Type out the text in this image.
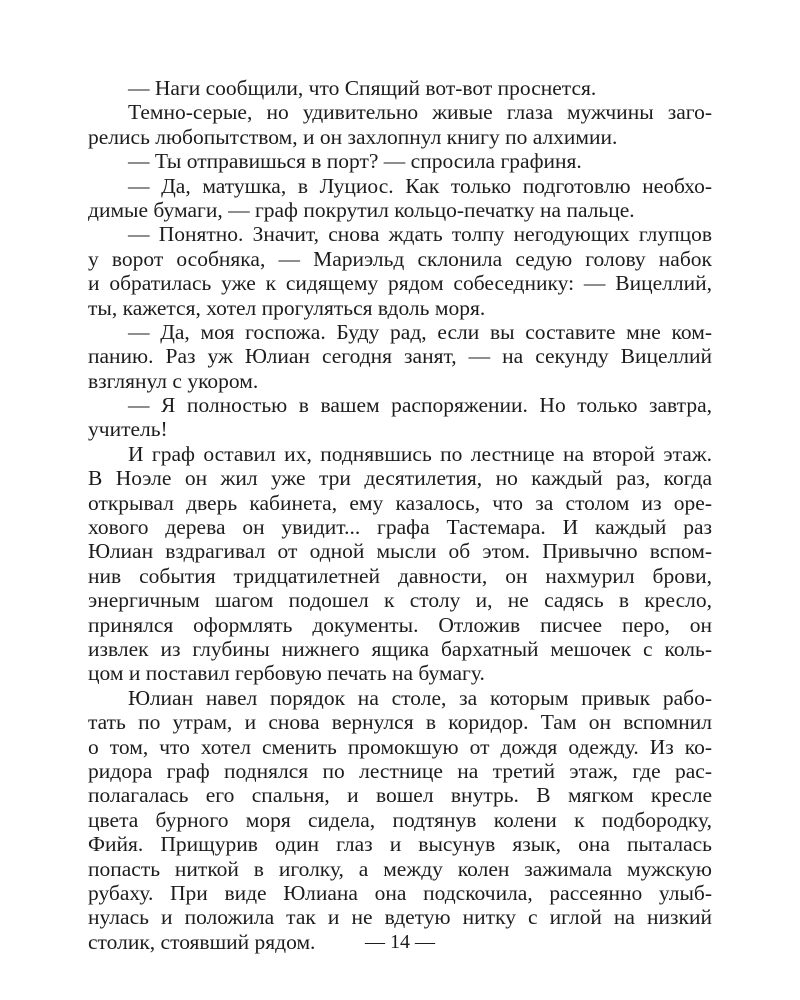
— Наги сообщили, что Спящий вот-вот проснется.
Темно-серые, но удивительно живые глаза мужчины заго-
релись любопытством, и он захлопнул книгу по алхимии.
— Ты отправишься в порт? — спросила графиня.
— Да, матушка, в Луциос. Как только подготовлю необхо-
димые бумаги, — граф покрутил кольцо-печатку на пальце.
— Понятно. Значит, снова ждать толпу негодующих глупцов
у ворот особняка, — Мариэльд склонила седую голову набок
и обратилась уже к сидящему рядом собеседнику: — Вицеллий,
ты, кажется, хотел прогуляться вдоль моря.
— Да, моя госпожа. Буду рад, если вы составите мне ком-
панию. Раз уж Юлиан сегодня занят, — на секунду Вицеллий
взглянул с укором.
— Я полностью в вашем распоряжении. Но только завтра,
учитель!
И граф оставил их, поднявшись по лестнице на второй этаж.
В Ноэле он жил уже три десятилетия, но каждый раз, когда
открывал дверь кабинета, ему казалось, что за столом из оре-
хового дерева он увидит... графа Тастемара. И каждый раз
Юлиан вздрагивал от одной мысли об этом. Привычно вспом-
нив события тридцатилетней давности, он нахмурил брови,
энергичным шагом подошел к столу и, не садясь в кресло,
принялся оформлять документы. Отложив писчее перо, он
извлек из глубины нижнего ящика бархатный мешочек с коль-
цом и поставил гербовую печать на бумагу.
Юлиан навел порядок на столе, за которым привык рабо-
тать по утрам, и снова вернулся в коридор. Там он вспомнил
о том, что хотел сменить промокшую от дождя одежду. Из ко-
ридора граф поднялся по лестнице на третий этаж, где рас-
полагалась его спальня, и вошел внутрь. В мягком кресле
цвета бурного моря сидела, подтянув колени к подбородку,
Фийя. Прищурив один глаз и высунув язык, она пыталась
попасть ниткой в иголку, а между колен зажимала мужскую
рубаху. При виде Юлиана она подскочила, рассеянно улыб-
нулась и положила так и не вдетую нитку с иглой на низкий
столик, стоявший рядом.	— 14 —
